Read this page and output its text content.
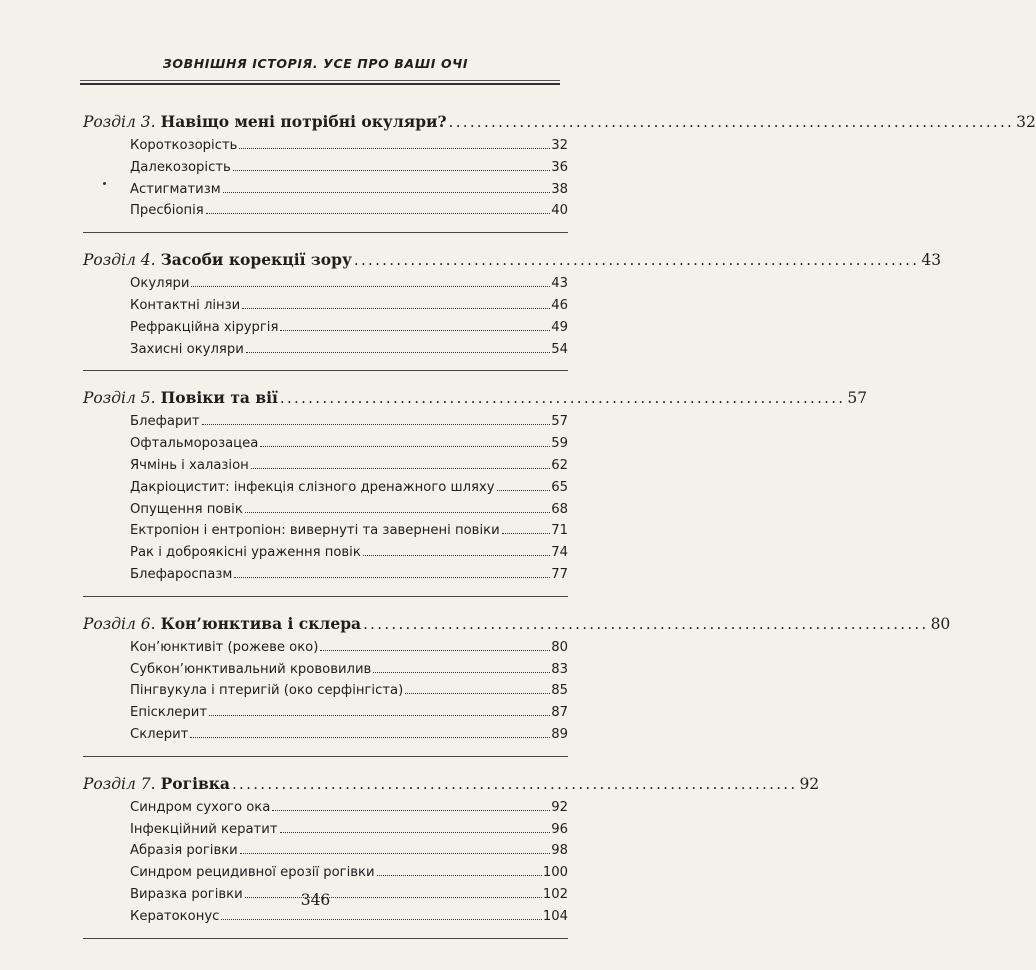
ЗОВНІШНЯ ІСТОРІЯ. УСЕ ПРО ВАШІ ОЧІ
Розділ 3. Навіщо мені потрібні окуляри? ................................................................................ 32
Короткозорість	32
Далекозорість	36
Астигматизм	38
Пресбіопія	40
Розділ 4. Засоби корекції зору ................................................................................ 43
Окуляри	43
Контактні лінзи	46
Рефракційна хірургія	49
Захисні окуляри	54
Розділ 5. Повіки та вії ................................................................................ 57
Блефарит	57
Офтальморозацеа	59
Ячмінь і халазіон	62
Дакріоцистит: інфекція слізного дренажного шляху	65
Опущення повік	68
Ектропіон і ентропіон: вивернуті та завернені повіки	71
Рак і доброякісні ураження повік	74
Блефароспазм	77
Розділ 6. Кон’юнктива і склера ................................................................................ 80
Кон’юнктивіт (рожеве око)	80
Субкон’юнктивальний крововилив	83
Пінгвукула і птеригій (око серфінгіста)	85
Епісклерит	87
Склерит	89
Розділ 7. Рогівка ................................................................................ 92
Синдром сухого ока	92
Інфекційний кератит	96
Абразія рогівки	98
Синдром рецидивної ерозії рогівки	100
Виразка рогівки	102
Кератоконус	104
346
